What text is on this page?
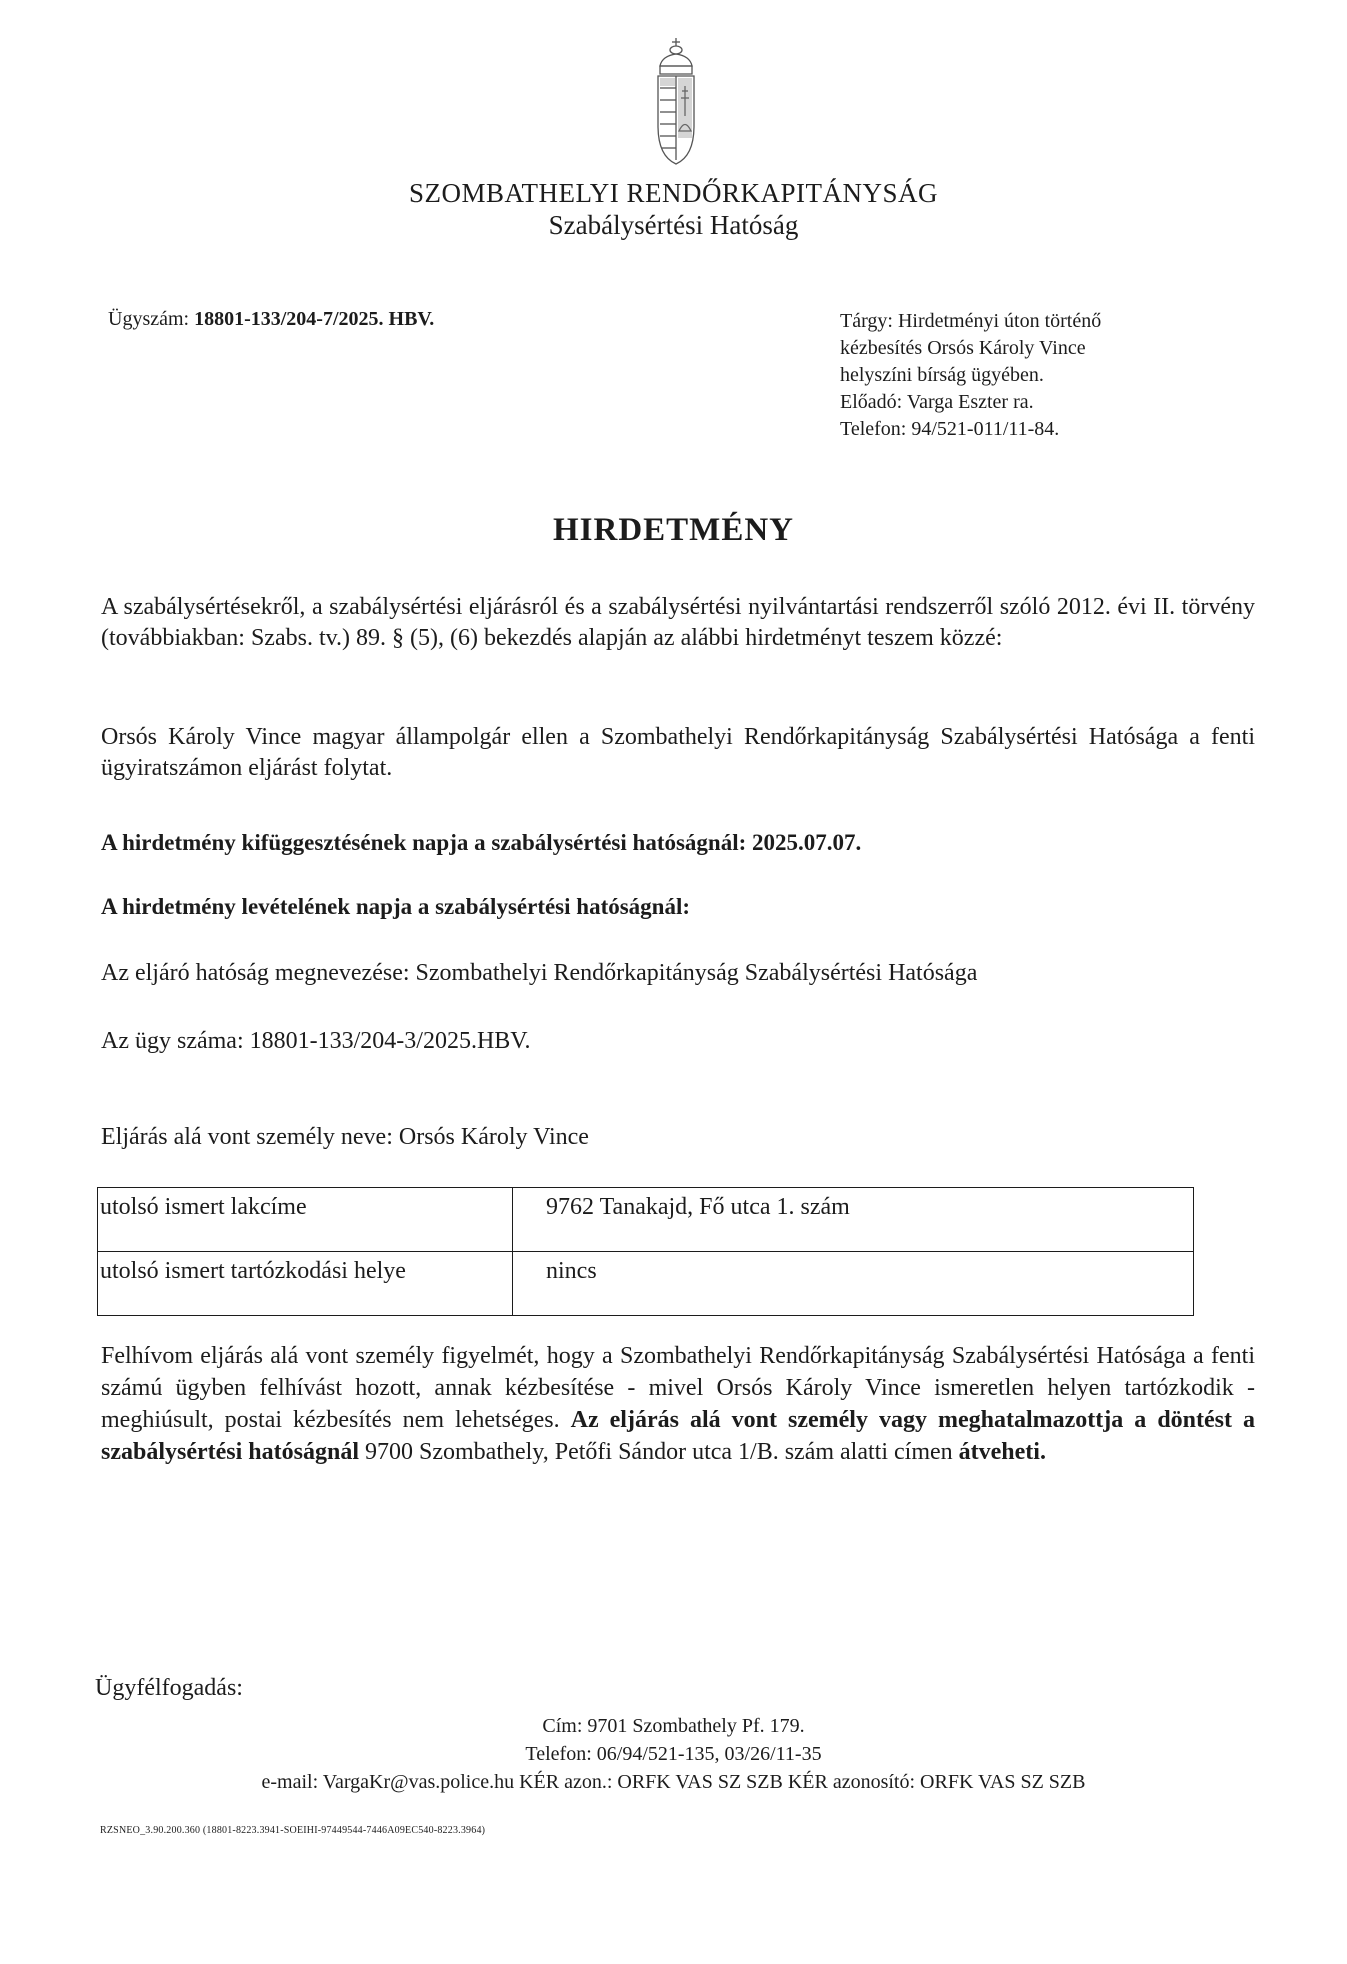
SZOMBATHELYI RENDŐRKAPITÁNYSÁG
Szabálysértési Hatóság
Ügyszám: 18801-133/204-7/2025. HBV.	Tárgy: Hirdetményi úton történő
kézbesítés Orsós Károly Vince
helyszíni bírság ügyében.
Előadó: Varga Eszter ra.
Telefon: 94/521-011/11-84.
HIRDETMÉNY
A szabálysértésekről, a szabálysértési eljárásról és a szabálysértési nyilvántartási rendszerről szóló 2012. évi II. törvény (továbbiakban: Szabs. tv.) 89. § (5), (6) bekezdés alapján az alábbi hirdetményt teszem közzé:
Orsós Károly Vince magyar állampolgár ellen a Szombathelyi Rendőrkapitányság Szabálysértési Hatósága a fenti ügyiratszámon eljárást folytat.
A hirdetmény kifüggesztésének napja a szabálysértési hatóságnál: 2025.07.07.
A hirdetmény levételének napja a szabálysértési hatóságnál:
Az eljáró hatóság megnevezése: Szombathelyi Rendőrkapitányság Szabálysértési Hatósága
Az ügy száma: 18801-133/204-3/2025.HBV.
Eljárás alá vont személy neve: Orsós Károly Vince
utolsó ismert lakcíme	9762 Tanakajd, Fő utca 1. szám
utolsó ismert tartózkodási helye	nincs
Felhívom eljárás alá vont személy figyelmét, hogy a Szombathelyi Rendőrkapitányság Szabálysértési Hatósága a fenti számú ügyben felhívást hozott, annak kézbesítése - mivel Orsós Károly Vince ismeretlen helyen tartózkodik - meghiúsult, postai kézbesítés nem lehetséges. Az eljárás alá vont személy vagy meghatalmazottja a döntést a szabálysértési hatóságnál 9700 Szombathely, Petőfi Sándor utca 1/B. szám alatti címen átveheti.
Ügyfélfogadás:
Cím: 9701 Szombathely Pf. 179.
Telefon: 06/94/521-135, 03/26/11-35
e-mail: VargaKr@vas.police.hu KÉR azon.: ORFK VAS SZ SZB KÉR azonosító: ORFK VAS SZ SZB
RZSNEO_3.90.200.360 (18801-8223.3941-SOEIHI-97449544-7446A09EC540-8223.3964)
